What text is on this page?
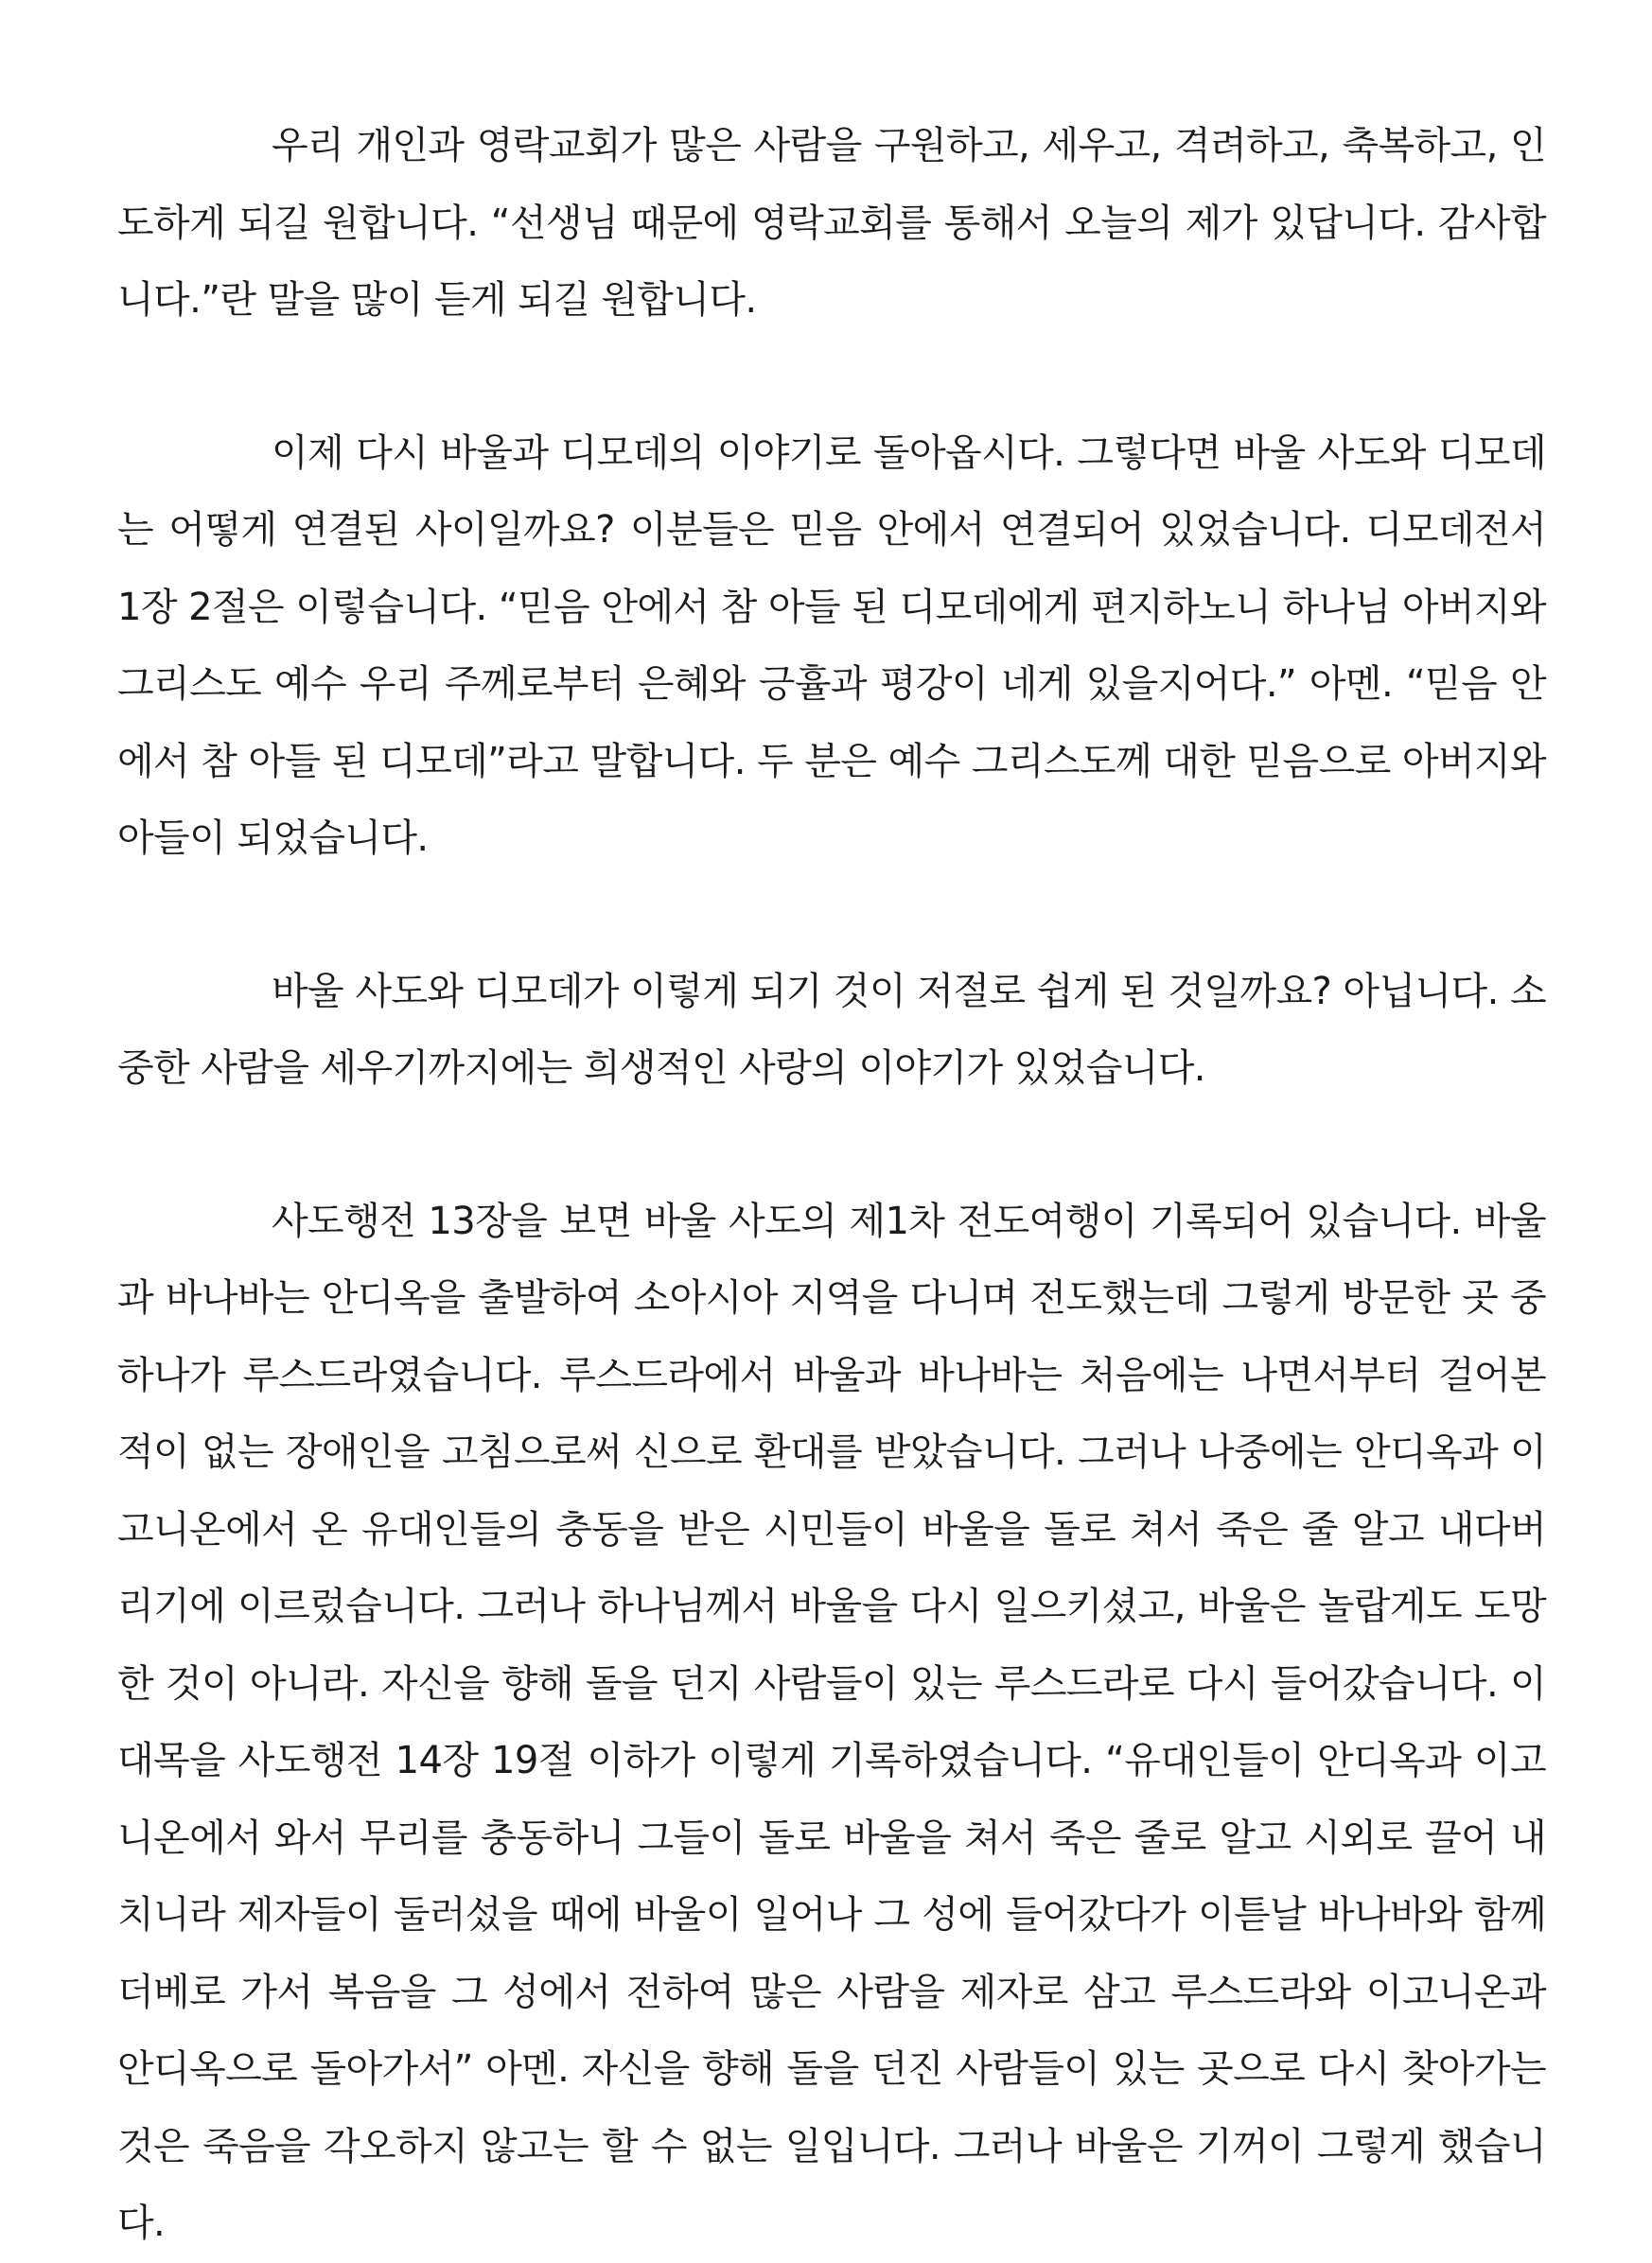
우리 개인과 영락교회가 많은 사람을 구원하고, 세우고, 격려하고, 축복하고, 인도하게 되길 원합니다. “선생님 때문에 영락교회를 통해서 오늘의 제가 있답니다. 감사합니다.”란 말을 많이 듣게 되길 원합니다.

이제 다시 바울과 디모데의 이야기로 돌아옵시다. 그렇다면 바울 사도와 디모데는 어떻게 연결된 사이일까요? 이분들은 믿음 안에서 연결되어 있었습니다. 디모데전서 1장 2절은 이렇습니다. “믿음 안에서 참 아들 된 디모데에게 편지하노니 하나님 아버지와 그리스도 예수 우리 주께로부터 은혜와 긍휼과 평강이 네게 있을지어다.” 아멘. “믿음 안에서 참 아들 된 디모데”라고 말합니다. 두 분은 예수 그리스도께 대한 믿음으로 아버지와 아들이 되었습니다.

바울 사도와 디모데가 이렇게 되기 것이 저절로 쉽게 된 것일까요? 아닙니다. 소중한 사람을 세우기까지에는 희생적인 사랑의 이야기가 있었습니다.

사도행전 13장을 보면 바울 사도의 제1차 전도여행이 기록되어 있습니다. 바울과 바나바는 안디옥을 출발하여 소아시아 지역을 다니며 전도했는데 그렇게 방문한 곳 중 하나가 루스드라였습니다. 루스드라에서 바울과 바나바는 처음에는 나면서부터 걸어본 적이 없는 장애인을 고침으로써 신으로 환대를 받았습니다. 그러나 나중에는 안디옥과 이고니온에서 온 유대인들의 충동을 받은 시민들이 바울을 돌로 쳐서 죽은 줄 알고 내다버리기에 이르렀습니다. 그러나 하나님께서 바울을 다시 일으키셨고, 바울은 놀랍게도 도망한 것이 아니라. 자신을 향해 돌을 던지 사람들이 있는 루스드라로 다시 들어갔습니다. 이 대목을 사도행전 14장 19절 이하가 이렇게 기록하였습니다. “유대인들이 안디옥과 이고니온에서 와서 무리를 충동하니 그들이 돌로 바울을 쳐서 죽은 줄로 알고 시외로 끌어 내치니라 제자들이 둘러섰을 때에 바울이 일어나 그 성에 들어갔다가 이튿날 바나바와 함께 더베로 가서 복음을 그 성에서 전하여 많은 사람을 제자로 삼고 루스드라와 이고니온과 안디옥으로 돌아가서” 아멘. 자신을 향해 돌을 던진 사람들이 있는 곳으로 다시 찾아가는 것은 죽음을 각오하지 않고는 할 수 없는 일입니다. 그러나 바울은 기꺼이 그렇게 했습니다.
